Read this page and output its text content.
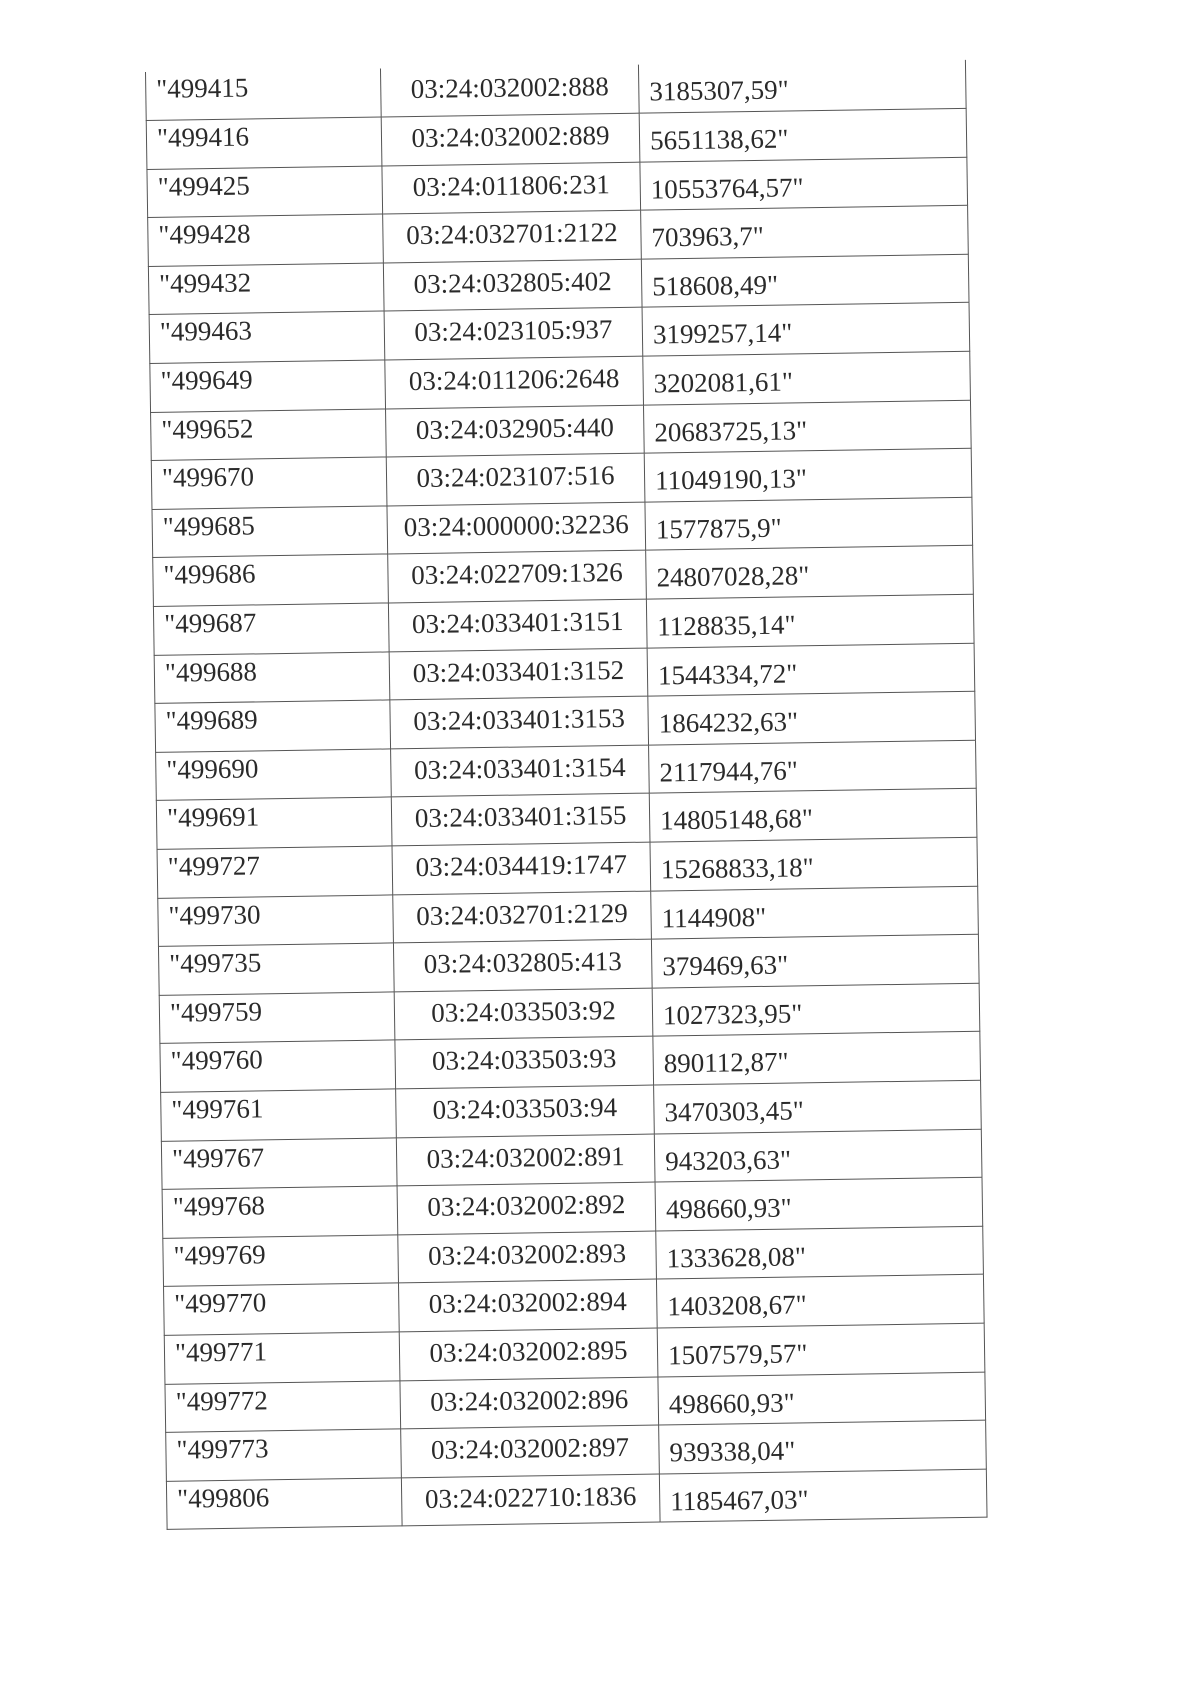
"499415	03:24:032002:888	3185307,59"
"499416	03:24:032002:889	5651138,62"
"499425	03:24:011806:231	10553764,57"
"499428	03:24:032701:2122	703963,7"
"499432	03:24:032805:402	518608,49"
"499463	03:24:023105:937	3199257,14"
"499649	03:24:011206:2648	3202081,61"
"499652	03:24:032905:440	20683725,13"
"499670	03:24:023107:516	11049190,13"
"499685	03:24:000000:32236	1577875,9"
"499686	03:24:022709:1326	24807028,28"
"499687	03:24:033401:3151	1128835,14"
"499688	03:24:033401:3152	1544334,72"
"499689	03:24:033401:3153	1864232,63"
"499690	03:24:033401:3154	2117944,76"
"499691	03:24:033401:3155	14805148,68"
"499727	03:24:034419:1747	15268833,18"
"499730	03:24:032701:2129	1144908"
"499735	03:24:032805:413	379469,63"
"499759	03:24:033503:92	1027323,95"
"499760	03:24:033503:93	890112,87"
"499761	03:24:033503:94	3470303,45"
"499767	03:24:032002:891	943203,63"
"499768	03:24:032002:892	498660,93"
"499769	03:24:032002:893	1333628,08"
"499770	03:24:032002:894	1403208,67"
"499771	03:24:032002:895	1507579,57"
"499772	03:24:032002:896	498660,93"
"499773	03:24:032002:897	939338,04"
"499806	03:24:022710:1836	1185467,03"
